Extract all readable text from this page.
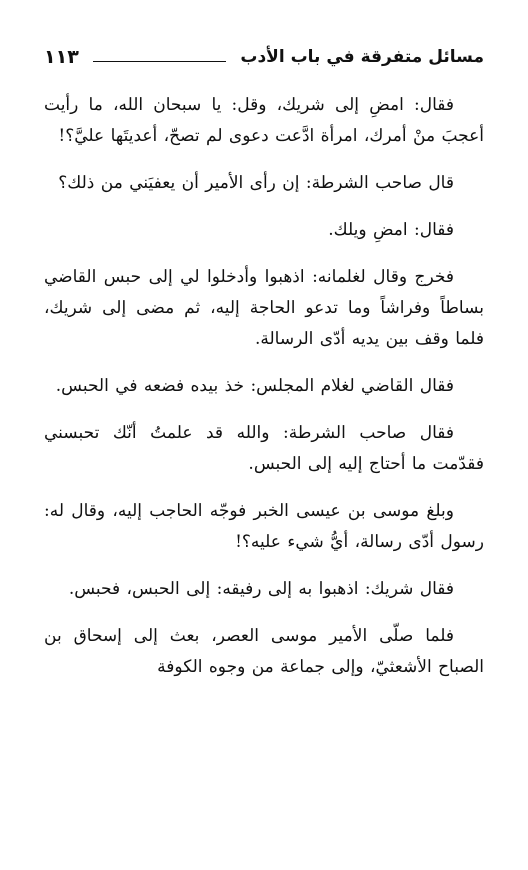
مسائل متفرقة في باب الأدب
١١٣

فقال: امضِ إلى شريك، وقل: يا سبحان الله، ما رأيت أعجبَ منْ أمرك، امرأة ادَّعت دعوى لم تصحّ، أعديتَها عليَّ؟!

قال صاحب الشرطة: إن رأى الأمير أن يعفيَني من ذلك؟

فقال: امضِ ويلك.

فخرج وقال لغلمانه: اذهبوا وأدخلوا لي إلى حبس القاضي بساطاً وفراشاً وما تدعو الحاجة إليه، ثم مضى إلى شريك، فلما وقف بين يديه أدّى الرسالة.

فقال القاضي لغلام المجلس: خذ بيده فضعه في الحبس.

فقال صاحب الشرطة: والله قد علمتُ أنّك تحبسني فقدّمت ما أحتاج إليه إلى الحبس.

وبلغ موسى بن عيسى الخبر فوجّه الحاجب إليه، وقال له: رسول أدّى رسالة، أيُّ شيء عليه؟!

فقال شريك: اذهبوا به إلى رفيقه: إلى الحبس، فحبس.

فلما صلّى الأمير موسى العصر، بعث إلى إسحاق بن الصباح الأشعثيّ، وإلى جماعة من وجوه الكوفة
